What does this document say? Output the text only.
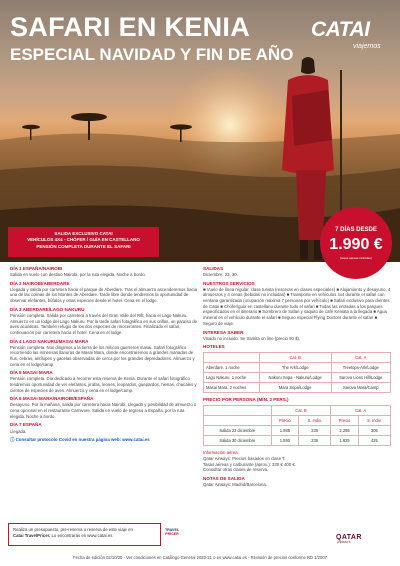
SAFARI EN KENIA
ESPECIAL NAVIDAD Y FIN DE AÑO
CATAI
viajemos
SALIDA EXCLUSIVO CATAI
VEHÍCULOS 4X4 - CHÓFER / GUÍA EN CASTELLANO
PENSIÓN COMPLETA DURANTE EL SAFARI
7 DÍAS DESDE
1.990 €
(tasas aéreas incluidas)
DÍA 1 ESPAÑA/NAIROBI
Salida en vuelo con destino Nairobi, por la ruta elegida. Noche a bordo.
DÍA 2 NAIROBI/ABERDARE
Llegada y salida por carretera hacia el parque de Aberdare. Tras el almuerzo ascenderemos hacia una de las colinas de los Montes de Aberdare. Tarde libre donde tendremos la oportunidad de observar elefantes, búfalos y otras especies desde el hotel. Cena en el lodge.
DÍA 3 ABERDARE/LAGO NAKURU
Pensión completa. Salida por carretera a través del Gran Valle del Rift, hacia el Lago Nakuru. Almuerzo en un lodge del Lago Nakuru. Por la tarde safari fotográfico en sus orillas, un paraíso de aves acuáticas. También refugio de los dos especies de rinocerontes. Finalizado el safari, continuación por carretera hacia el hotel. Cena en el lodge.
DÍA 4 LAGO NAKURU/MASAI MARA
Pensión completa. Nos dirigimos a la tierra de los míticos guerreros masai. Safari fotográfico recorriendo las inmensas llanuras de Masai Mara, donde encontraremos a grandes manadas de ñus, cebras, antílopes y gacelas observadas de cerca por los grandes depredadores. Almuerzo y cena en el lodge/camp.
DÍA 5 MASAI MARA
Pensión completa. Día dedicado a recorrer esta reserva de Kenia. Durante el safari fotográfico tendremos oportunidad de ver elefantes, jirafas, leones, leopardos, guepardos, hienas, chacales y cientos de especies de aves. Almuerzo y cena en el lodge/camp.
DÍA 6 MASAI MARA/NAIROBI/ESPAÑA
Desayuno. Por la mañana, salida por carretera hacia Nairobi. Llegada y posibilidad de almuerzo o cena opcional en el restaurante Carnivore. Salida en vuelo de regreso a España, por la ruta elegida. Noche a bordo.
DÍA 7 ESPAÑA
Llegada.
ⓘ Consultar protocolo Covid en nuestra página web: www.catai.es
SALIDAS
Diciembre: 23, 30.
NUESTROS SERVICIOS
■ Vuelo de línea regular, clase turista (reservas en clases especiales) ■ Alojamiento y desayuno, 4 almuerzos y 4 cenas (bebidas no incluidas) ■ Transporte en vehículos 4x4 durante el safari con ventana garantizada (ocupación máxima 7 personas por vehículo) ■ Safari exclusivo para clientes de Catai ■ Chófer/guía en castellano durante todo el safari ■ Todas las entradas a los parques especificados en el itinerario ■ Sombrero de Safari y saquito de café Keniata a la llegada ■ Agua mineral en el vehículo durante el safari ■ Seguro especial Flying Doctors durante el safari ■ Seguro de viaje.
INTERESA SABER
Visado no incluido. Se tramita on line (precio 50 $).
HOTELES
	Cat. B	Cat. A
Aberdare. 1 noche	The Ark/Lodge	Treetops-Ark/Lodge
Lago Nakuru. 1 noche	Nakuru Sopa - Nakuru/Lodge	Sarova Lions Hill/Lodge
Masai Mara. 2 noches	Mara Sopa/Lodge	Sarova Mara/Camp
PRECIO POR PERSONA (MÍN. 2 PERS.)
	Cat. B		Cat. A	
	Precio	S. Indiv.	Precio	S. Indiv.
Salida 23 diciembre	1.985	235	2.295	305
Salida 30 diciembre	1.590	235	1.825	425
Información aérea.
Qatar Airways: Precios basados en clase T.
Tasas aéreas y carburante (aprox.): 330 € 400 €.
Consultar otras clases de reserva.
NOTAS DE SALIDA
Qatar Airways: Madrid/Barcelona.
Realiza un presupuesto, pre-reserva o reserva de este viaje en
Catai TravelPricer. Lo encontrarás en www.catai.es
TRAVEL
PRICER
QATAR
AIRWAYS
Fecha de edición 02/10/20 - Ver condiciones en Catálogo General 2020-21 o en www.catai.es - Revisión de precios conforme RD 1/2007
